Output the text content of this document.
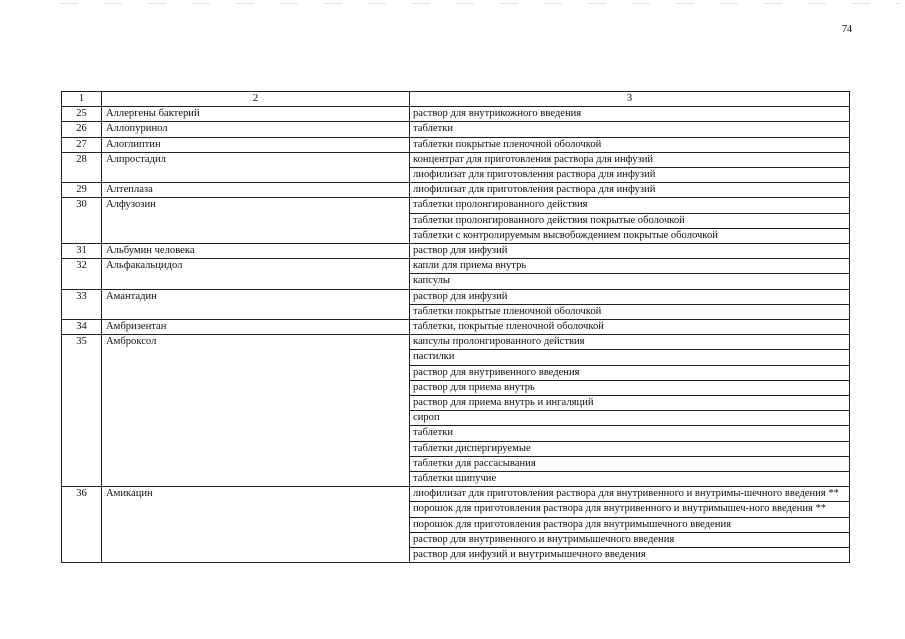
74
1	2	3
25	Аллергены бактерий	раствор для внутрикожного введения
26	Аллопуринол	таблетки
27	Алоглиптин	таблетки покрытые пленочной оболочкой
28	Алпростадил	концентрат для приготовления раствора для инфузий
		лиофилизат для приготовления раствора для инфузий
29	Алтеплаза	лиофилизат для приготовления раствора для инфузий
30	Алфузозин	таблетки пролонгированного действия
		таблетки пролонгированного действия покрытые оболочкой
		таблетки с контролируемым высвобождением покрытые оболочкой
31	Альбумин человека	раствор для инфузий
32	Альфакальцидол	капли для приема внутрь
		капсулы
33	Амантадин	раствор для инфузий
		таблетки покрытые пленочной оболочкой
34	Амбризентан	таблетки, покрытые пленочной оболочкой
35	Амброксол	капсулы пролонгированного действия
		пастилки
		раствор для внутривенного введения
		раствор для приема внутрь
		раствор для приема внутрь и ингаляций
		сироп
		таблетки
		таблетки диспергируемые
		таблетки для рассасывания
		таблетки шипучие
36	Амикацин	лиофилизат для приготовления раствора для внутривенного и внутримы-шечного введения **
		порошок для приготовления раствора для внутривенного и внутримышеч-ного введения **
		порошок для приготовления раствора для внутримышечного введения
		раствор для внутривенного и внутримышечного введения
		раствор для инфузий и внутримышечного введения
